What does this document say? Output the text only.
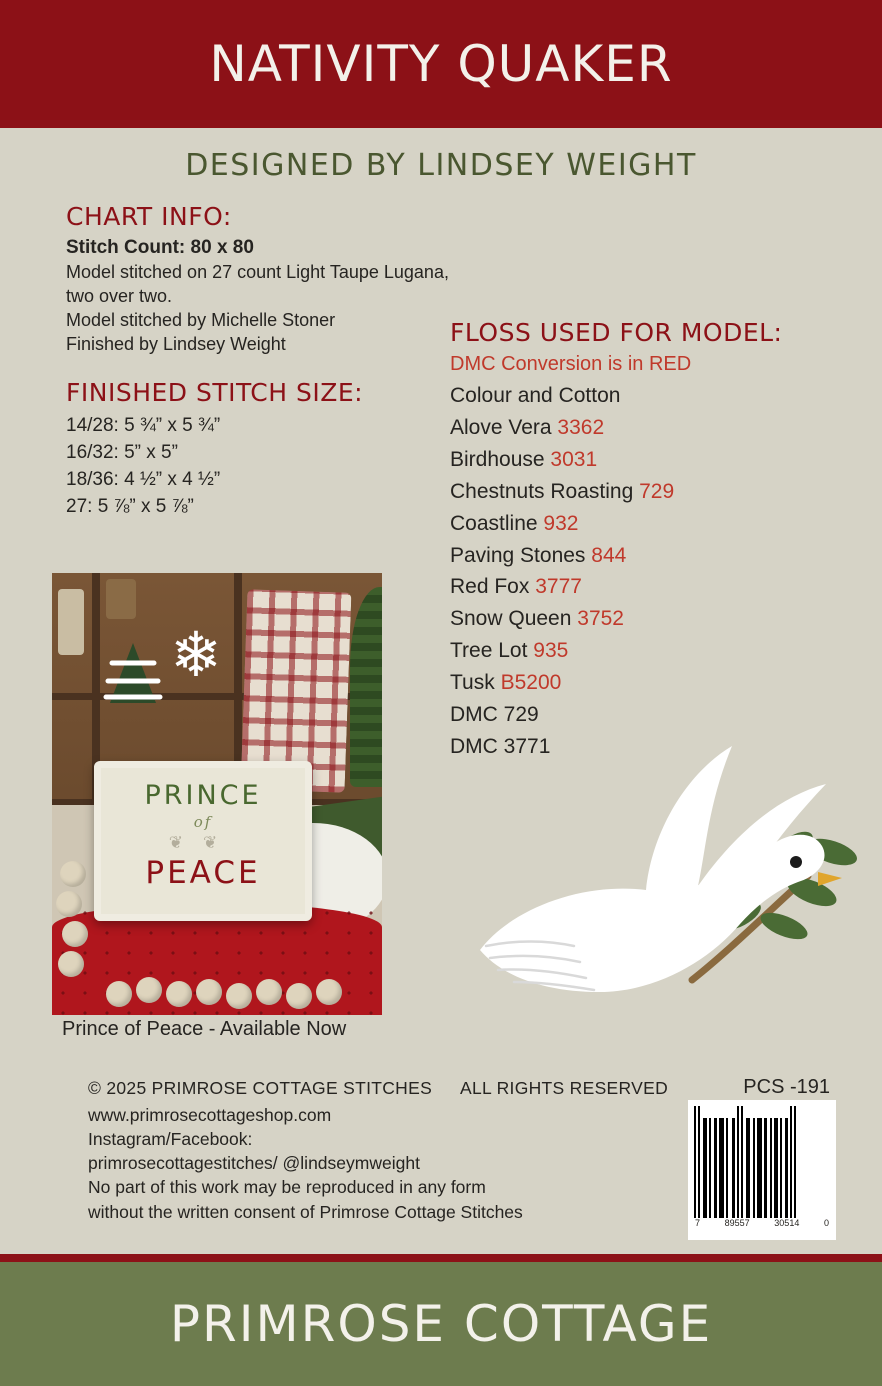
NATIVITY QUAKER
DESIGNED BY LINDSEY WEIGHT
CHART INFO:

Stitch Count: 80 x 80

Model stitched on 27 count Light Taupe Lugana, two over two.

Model stitched by Michelle Stoner

Finished by Lindsey Weight

FINISHED STITCH SIZE:

14/28: 5 ¾” x 5 ¾”

16/32: 5” x 5”

18/36: 4 ½” x 4 ½”

27: 5 ⅞” x 5 ⅞”

FLOSS USED FOR MODEL:

DMC Conversion is in RED

Colour and Cotton

Alove Vera 3362

Birdhouse 3031

Chestnuts Roasting 729

Coastline 932

Paving Stones 844

Red Fox 3777

Snow Queen 3752

Tree Lot 935

Tusk B5200

DMC 729

DMC 3771

❄
PRINCE
of
❦❦
PEACE
Prince of Peace - Available Now

© 2025 PRIMROSE COTTAGE STITCHES ALL RIGHTS RESERVED

www.primrosecottageshop.com

Instagram/Facebook:

primrosecottagestitches/ @lindseymweight

No part of this work may be reproduced in any form

without the written consent of Primrose Cottage Stitches

PCS -191
7	89557	30514	0
PRIMROSE COTTAGE
